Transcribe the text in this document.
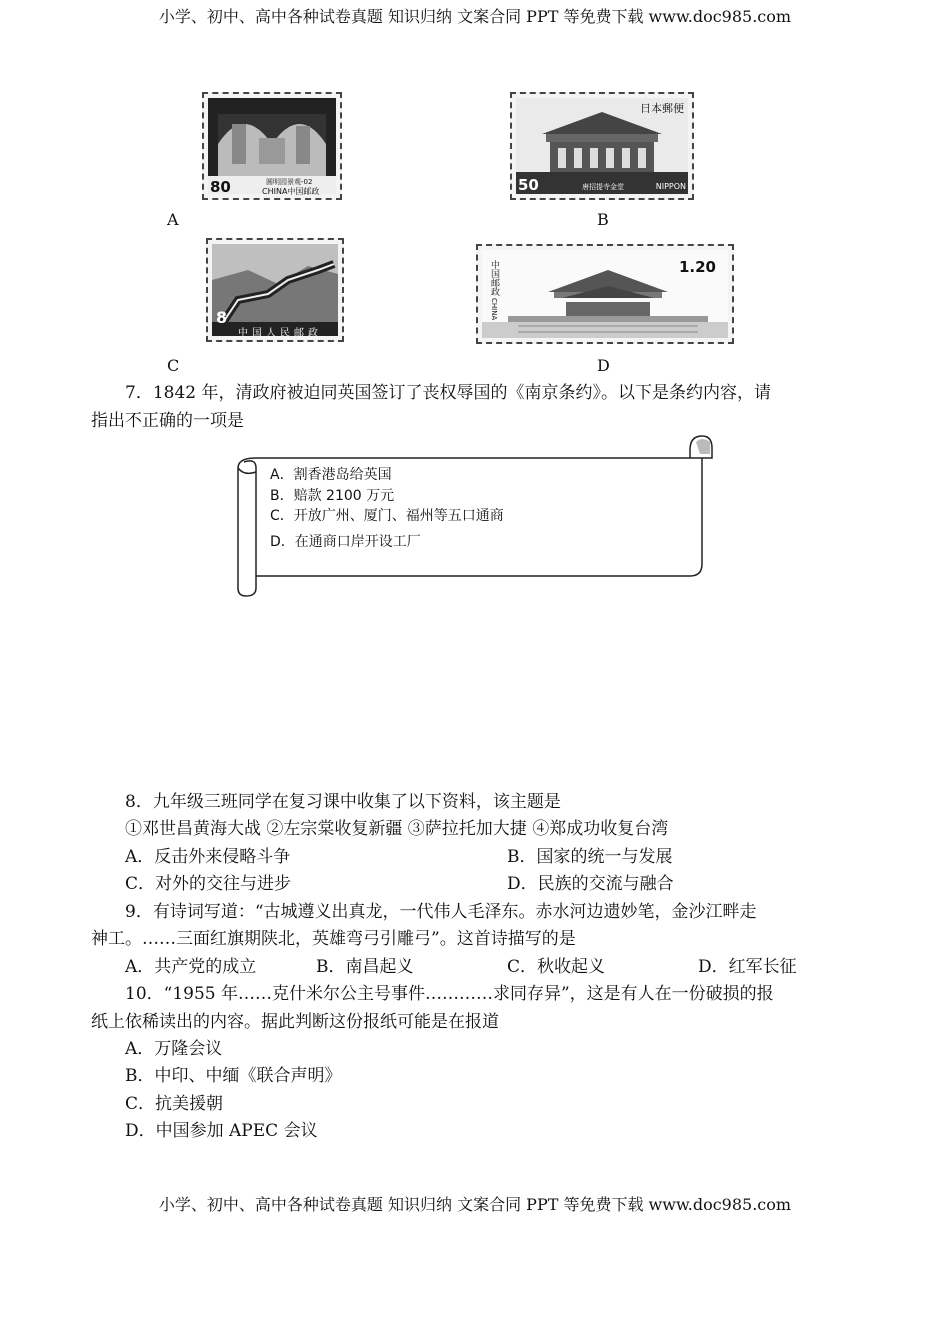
小学、初中、高中各种试卷真题 知识归纳 文案合同 PPT 等免费下载 www.doc985.com
80	圆明园景观-02
CHINA中国邮政
A
日本郵便
50	唐招提寺金堂	NIPPON
B
8
中国人民邮政
C
1.20
中国邮政
CHINA
D
7．1842 年，清政府被迫同英国签订了丧权辱国的《南京条约》。以下是条约内容，请
指出不正确的一项是
A．割香港岛给英国
B．赔款 2100 万元
C．开放广州、厦门、福州等五口通商
D．在通商口岸开设工厂
8．九年级三班同学在复习课中收集了以下资料，该主题是
①邓世昌黄海大战 ②左宗棠收复新疆 ③萨拉托加大捷 ④郑成功收复台湾
A．反击外来侵略斗争	B．国家的统一与发展
C．对外的交往与进步	D．民族的交流与融合
9．有诗词写道：“古城遵义出真龙，一代伟人毛泽东。赤水河边遗妙笔，金沙江畔走
神工。……三面红旗期陕北，英雄弯弓引雕弓”。这首诗描写的是
A．共产党的成立	B．南昌起义	C．秋收起义	D．红军长征
10．“1955 年……克什米尔公主号事件…………求同存异”，这是有人在一份破损的报
纸上依稀读出的内容。据此判断这份报纸可能是在报道
A．万隆会议
B．中印、中缅《联合声明》
C．抗美援朝
D．中国参加 APEC 会议
小学、初中、高中各种试卷真题 知识归纳 文案合同 PPT 等免费下载 www.doc985.com
